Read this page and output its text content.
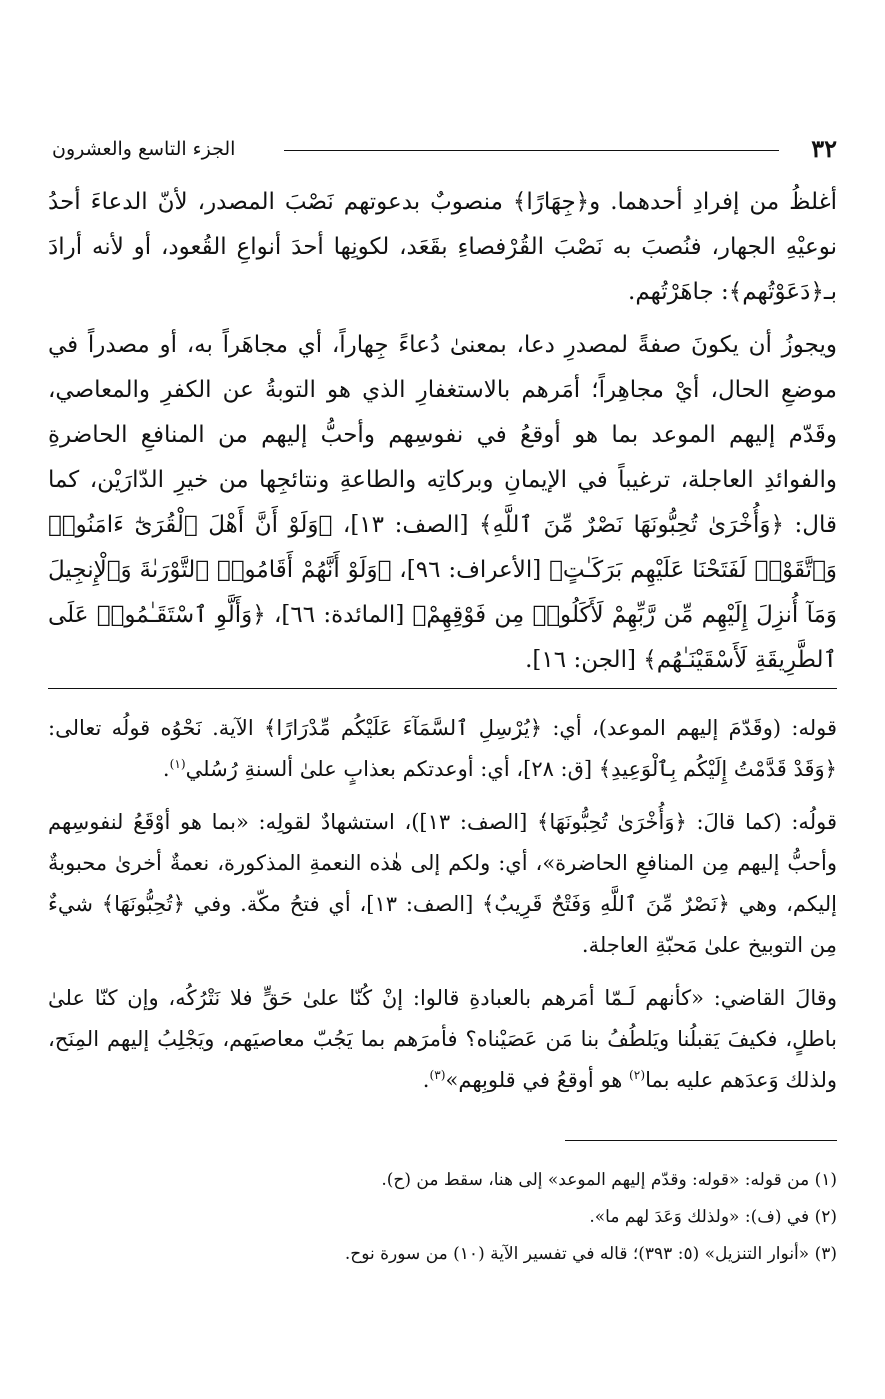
٣٢
الجزء التاسع والعشرون

أغلظُ من إفرادِ أحدهما. و﴿جِهَارًا﴾ منصوبٌ بدعوتهم نَصْبَ المصدر، لأنّ الدعاءَ أحدُ نوعيْهِ الجهار، فنُصبَ به نَصْبَ القُرْفصاءِ بقَعَد، لكونِها أحدَ أنواعِ القُعود، أو لأنه أرادَ بـ﴿دَعَوْتُهم﴾: جاهَرْتُهم.

ويجوزُ أن يكونَ صفةً لمصدرِ دعا، بمعنىٰ دُعاءً جِهاراً، أي مجاهَراً به، أو مصدراً في موضعِ الحال، أيْ مجاهِراً؛ أمَرهم بالاستغفارِ الذي هو التوبةُ عن الكفرِ والمعاصي، وقَدّم إليهم الموعد بما هو أوقعُ في نفوسِهم وأحبُّ إليهم من المنافعِ الحاضرةِ والفوائدِ العاجلة، ترغيباً في الإيمانِ وبركاتِه والطاعةِ ونتائجِها من خيرِ الدّارَيْن، كما قال: ﴿وَأُخْرَىٰ تُحِبُّونَهَا نَصْرٌ مِّنَ ٱللَّهِ﴾ [الصف: ١٣]، ﴿وَلَوْ أَنَّ أَهْلَ ٱلْقُرَىٰٓ ءَامَنُوا۟ وَٱتَّقَوْا۟ لَفَتَحْنَا عَلَيْهِم بَرَكَـٰتٍ﴾ [الأعراف: ٩٦]، ﴿وَلَوْ أَنَّهُمْ أَقَامُوا۟ ٱلتَّوْرَىٰةَ وَٱلْإِنجِيلَ وَمَآ أُنزِلَ إِلَيْهِم مِّن رَّبِّهِمْ لَأَكَلُوا۟ مِن فَوْقِهِمْ﴾ [المائدة: ٦٦]، ﴿وَأَلَّوِ ٱسْتَقَـٰمُوا۟ عَلَى ٱلطَّرِيقَةِ لَأَسْقَيْنَـٰهُم﴾ [الجن: ١٦].

قوله: (وقَدّمَ إليهم الموعد)، أي: ﴿يُرْسِلِ ٱلسَّمَآءَ عَلَيْكُم مِّدْرَارًا﴾ الآية. نَحْوُه قولُه تعالى: ﴿وَقَدْ قَدَّمْتُ إِلَيْكُم بِٱلْوَعِيدِ﴾ [ق: ٢٨]، أي: أوعدتكم بعذابٍ علىٰ ألسنةِ رُسُلي$^{(١)}$.

قولُه: (كما قالَ: ﴿وَأُخْرَىٰ تُحِبُّونَهَا﴾ [الصف: ١٣])، استشهادٌ لقولِه: «بما هو أوْقَعُ لنفوسِهم وأحبُّ إليهم مِن المنافعِ الحاضرة»، أي: ولكم إلى هٰذه النعمةِ المذكورة، نعمةٌ أخرىٰ محبوبةٌ إليكم، وهي ﴿نَصْرٌ مِّنَ ٱللَّهِ وَفَتْحٌ قَرِيبٌ﴾ [الصف: ١٣]، أي فتحُ مكّة. وفي ﴿تُحِبُّونَهَا﴾ شيءٌ مِن التوبيخ علىٰ مَحبّةِ العاجلة.

وقالَ القاضي: «كأنهم لَـمّا أمَرهم بالعبادةِ قالوا: إنْ كُنّا علىٰ حَقٍّ فلا نَتْرُكُه، وإن كنّا علىٰ باطلٍ، فكيفَ يَقبلُنا ويَلطُفُ بنا مَن عَصَيْناه؟ فأمرَهم بما يَجُبّ معاصيَهم، ويَجْلِبُ إليهم المِنَح، ولذلك وَعدَهم عليه بما$^{(٢)}$ هو أوقعُ في قلوبِهم»$^{(٣)}$.

(١) من قوله: «قوله: وقدّم إليهم الموعد» إلى هنا، سقط من (ح).

(٢) في (ف): «ولذلك وَعَدَ لهم ما».

(٣) «أنوار التنزيل» (٥: ٣٩٣)؛ قاله في تفسير الآية (١٠) من سورة نوح.
